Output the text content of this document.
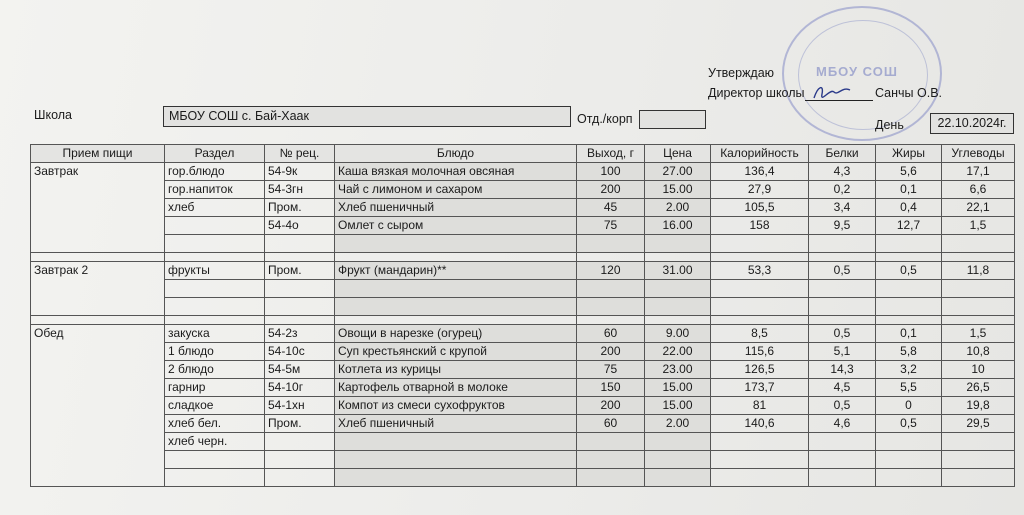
МБОУ СОШ
Утверждаю
Директор школы	Санчы О.В.
Школа	МБОУ СОШ с. Бай-Хаак	Отд./корп	День	22.10.2024г.
Прием пищи	Раздел	№ рец.	Блюдо	Выход, г	Цена	Калорийность	Белки	Жиры	Углеводы
Завтрак	гор.блюдо	54-9к	Каша вязкая молочная овсяная	100	27.00	136,4	4,3	5,6	17,1
	гор.напиток	54-3гн	Чай с лимоном и сахаром	200	15.00	27,9	0,2	0,1	6,6
	хлеб	Пром.	Хлеб пшеничный	45	2.00	105,5	3,4	0,4	22,1
		54-4о	Омлет с сыром	75	16.00	158	9,5	12,7	1,5

Завтрак 2	фрукты	Пром.	Фрукт (мандарин)**	120	31.00	53,3	0,5	0,5	11,8

Обед	закуска	54-2з	Овощи в нарезке (огурец)	60	9.00	8,5	0,5	0,1	1,5
	1 блюдо	54-10с	Суп крестьянский с крупой	200	22.00	115,6	5,1	5,8	10,8
	2 блюдо	54-5м	Котлета из курицы	75	23.00	126,5	14,3	3,2	10
	гарнир	54-10г	Картофель отварной в молоке	150	15.00	173,7	4,5	5,5	26,5
	сладкое	54-1хн	Компот из смеси сухофруктов	200	15.00	81	0,5	0	19,8
	хлеб бел.	Пром.	Хлеб пшеничный	60	2.00	140,6	4,6	0,5	29,5
	хлеб черн.								
